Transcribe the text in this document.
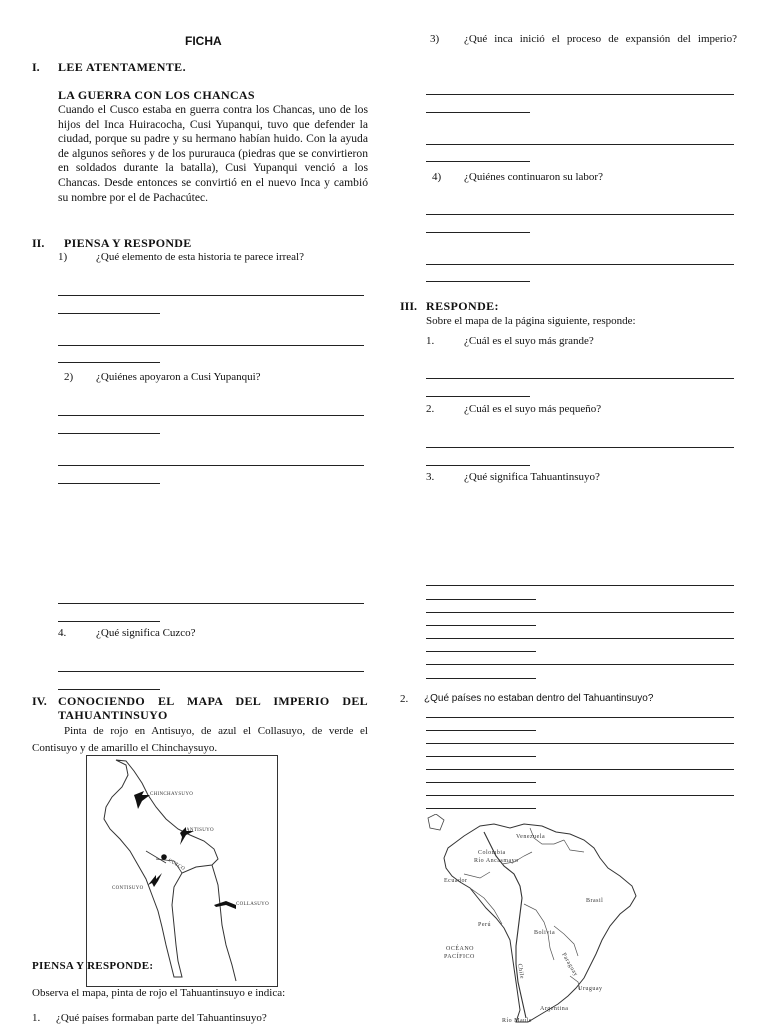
FICHA
I. LEE ATENTAMENTE.
LA GUERRA CON LOS CHANCAS
Cuando el Cusco estaba en guerra contra los Chancas, uno de los hijos del Inca Huiracocha, Cusi Yupanqui, tuvo que defender la ciudad, porque su padre y su hermano habían huido. Con la ayuda de algunos señores y de los pururauca (piedras que se convirtieron en soldados durante la batalla), Cusi Yupanqui venció a los Chancas. Desde entonces se convirtió en el nuevo Inca y cambió su nombre por el de Pachacútec.
II. PIENSA Y RESPONDE
1)	¿Qué elemento de esta historia te parece irreal?
2) ¿Quiénes apoyaron a Cusi Yupanqui?
4.	¿Qué significa Cuzco?
IV. CONOCIENDO EL MAPA DEL IMPERIO DEL
TAHUANTINSUYO
Pinta de rojo en Antisuyo, de azul el Collasuyo, de verde el Contisuyo y de amarillo el Chinchaysuyo.
CHINCHAYSUYO
ANTISUYO
CUZCO
CONTISUYO
COLLASUYO
PIENSA Y RESPONDE:
Observa el mapa, pinta de rojo el Tahuantinsuyo e indica:
1. ¿Qué países formaban parte del Tahuantinsuyo?
3) ¿Qué inca inició el proceso de expansión del imperio?
4) ¿Quiénes continuaron su labor?
III. RESPONDE:
Sobre el mapa de la página siguiente, responde:
1.	¿Cuál es el suyo más grande?
2.	¿Cuál es el suyo más pequeño?
3.	¿Qué significa Tahuantinsuyo?
2. ¿Qué países no estaban dentro del Tahuantinsuyo?
Venezuela
Colombia
Río Ancasmayo
Ecuador
Brasil
Perú
Bolivia
OCÉANO
PACÍFICO	Paraguay
Chile
Uruguay
Argentina
Río Maule
